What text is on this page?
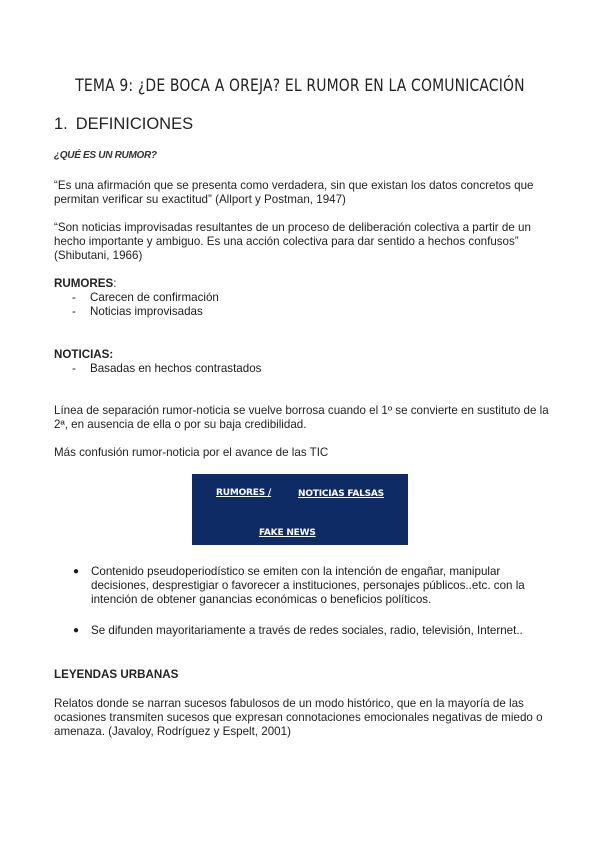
TEMA 9: ¿DE BOCA A OREJA? EL RUMOR EN LA COMUNICACIÓN
1. DEFINICIONES
¿QUÉ ES UN RUMOR?
“Es una afirmación que se presenta como verdadera, sin que existan los datos concretos que permitan verificar su exactitud” (Allport y Postman, 1947)
“Son noticias improvisadas resultantes de un proceso de deliberación colectiva a partir de un hecho importante y ambiguo. Es una acción colectiva para dar sentido a hechos confusos” (Shibutani, 1966)
RUMORES:
- Carecen de confirmación
- Noticias improvisadas
NOTICIAS:
- Basadas en hechos contrastados
Línea de separación rumor-noticia se vuelve borrosa cuando el 1º se convierte en sustituto de la 2ª, en ausencia de ella o por su baja credibilidad.
Más confusión rumor-noticia por el avance de las TIC
RUMORES /	NOTICIAS FALSAS
FAKE NEWS
● Contenido pseudoperiodístico se emiten con la intención de engañar, manipular decisiones, desprestigiar o favorecer a instituciones, personajes públicos..etc. con la intención de obtener ganancias económicas o beneficios políticos.
● Se difunden mayoritariamente a través de redes sociales, radio, televisión, Internet..
LEYENDAS URBANAS
Relatos donde se narran sucesos fabulosos de un modo histórico, que en la mayoría de las ocasiones transmiten sucesos que expresan connotaciones emocionales negativas de miedo o amenaza. (Javaloy, Rodríguez y Espelt, 2001)
